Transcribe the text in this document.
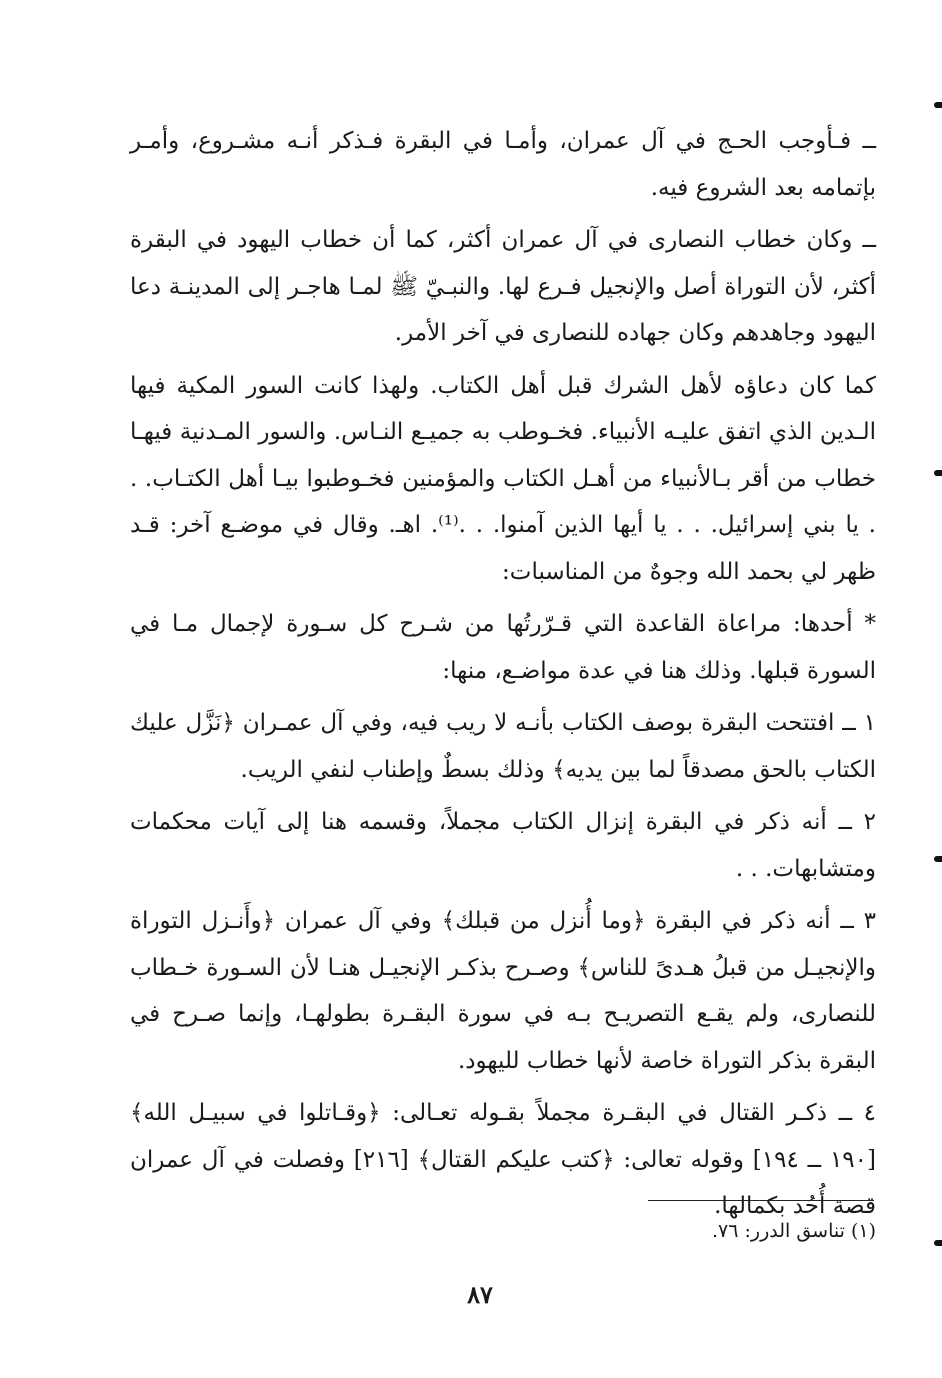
ــ فـأوجب الحـج في آل عمران، وأمـا في البقرة فـذكر أنـه مشـروع، وأمـر بإتمامه بعد الشروع فيه.

ــ وكان خطاب النصارى في آل عمران أكثر، كما أن خطاب اليهود في البقرة أكثر، لأن التوراة أصل والإنجيل فـرع لها. والنبـيّ ﷺ لمـا هاجـر إلى المدينـة دعا اليهود وجاهدهم وكان جهاده للنصارى في آخر الأمر.

كما كان دعاؤه لأهل الشرك قبل أهل الكتاب. ولهذا كانت السور المكية فيها الـدين الذي اتفق عليـه الأنبياء. فخـوطب به جميـع النـاس. والسور المـدنية فيهـا خطاب من أقر بـالأنبياء من أهـل الكتاب والمؤمنين فخـوطبوا بيـا أهل الكتـاب. . . يا بني إسرائيل. . . يا أيها الذين آمنوا. . .⁽¹⁾. اهـ. وقال في موضـع آخر: قـد ظهر لي بحمد الله وجوهٌ من المناسبات:

* أحدها: مراعاة القاعدة التي قـرّرتُها من شـرح كل سـورة لإجمال مـا في السورة قبلها. وذلك هنا في عدة مواضـع، منها:

١ ــ افتتحت البقرة بوصف الكتاب بأنـه لا ريب فيه، وفي آل عمـران ﴿نَزَّل عليك الكتاب بالحق مصدقاً لما بين يديه﴾ وذلك بسطٌ وإطناب لنفي الريب.

٢ ــ أنه ذكر في البقرة إنزال الكتاب مجملاً، وقسمه هنا إلى آيات محكمات ومتشابهات. . .

٣ ــ أنه ذكر في البقرة ﴿وما أُنزل من قبلك﴾ وفي آل عمران ﴿وأَنـزل التوراة والإنجيـل من قبلُ هـدىً للناس﴾ وصـرح بذكـر الإنجيـل هنـا لأن السـورة خـطاب للنصارى، ولم يقـع التصريـح بـه في سورة البقـرة بطولهـا، وإنما صـرح في البقرة بذكر التوراة خاصة لأنها خطاب لليهود.

٤ ــ ذكـر القتال في البقـرة مجملاً بقـوله تعـالى: ﴿وقـاتلوا في سبيـل الله﴾ [١٩٠ ــ ١٩٤] وقوله تعالى: ﴿كتب عليكم القتال﴾ [٢١٦] وفصلت في آل عمران قصة أُحُد بكمالها.

(١) تناسق الدرر: ٧٦.
٨٧
